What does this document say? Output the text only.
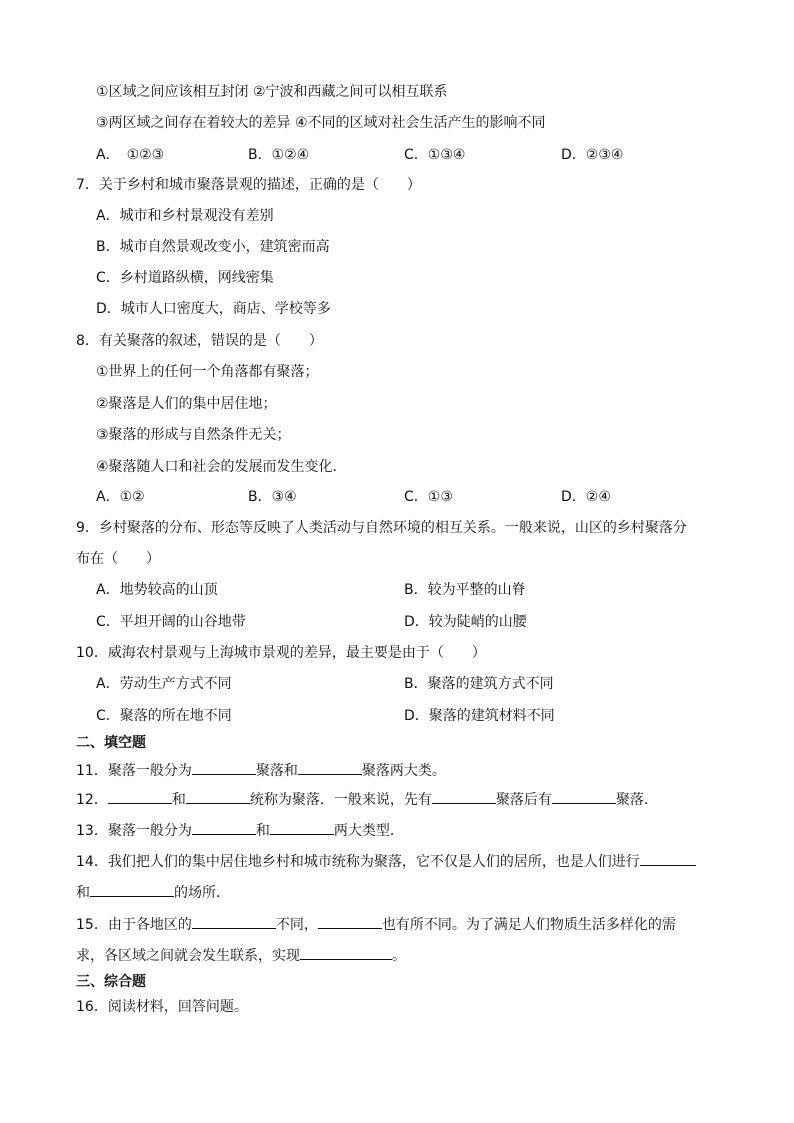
①区域之间应该相互封闭 ②宁波和西藏之间可以相互联系
③两区域之间存在着较大的差异 ④不同的区域对社会生活产生的影响不同
A．　①②③	B．①②④	C．①③④	D．②③④
7．关于乡村和城市聚落景观的描述，正确的是（　　）
A．城市和乡村景观没有差别
B．城市自然景观改变小，建筑密而高
C．乡村道路纵横，网线密集
D．城市人口密度大，商店、学校等多
8．有关聚落的叙述，错误的是（　　）
①世界上的任何一个角落都有聚落；
②聚落是人们的集中居住地；
③聚落的形成与自然条件无关；
④聚落随人口和社会的发展而发生变化．
A．①②	B．③④	C．①③	D．②④
9．乡村聚落的分布、形态等反映了人类活动与自然环境的相互关系。一般来说，山区的乡村聚落分
布在（　　）
A．地势较高的山顶	B．较为平整的山脊
C．平坦开阔的山谷地带	D．较为陡峭的山腰
10．威海农村景观与上海城市景观的差异，最主要是由于（　　）
A．劳动生产方式不同	B．聚落的建筑方式不同
C．聚落的所在地不同	D．聚落的建筑材料不同
二、填空题
11．聚落一般分为	聚落和	聚落两大类。
12．	和	统称为聚落．一般来说，先有	聚落后有	聚落．
13．聚落一般分为	和	两大类型．
14．我们把人们的集中居住地乡村和城市统称为聚落，它不仅是人们的居所，也是人们进行
和	的场所．
15．由于各地区的	不同，	也有所不同。为了满足人们物质生活多样化的需
求，各区域之间就会发生联系，实现	。
三、综合题
16．阅读材料，回答问题。
